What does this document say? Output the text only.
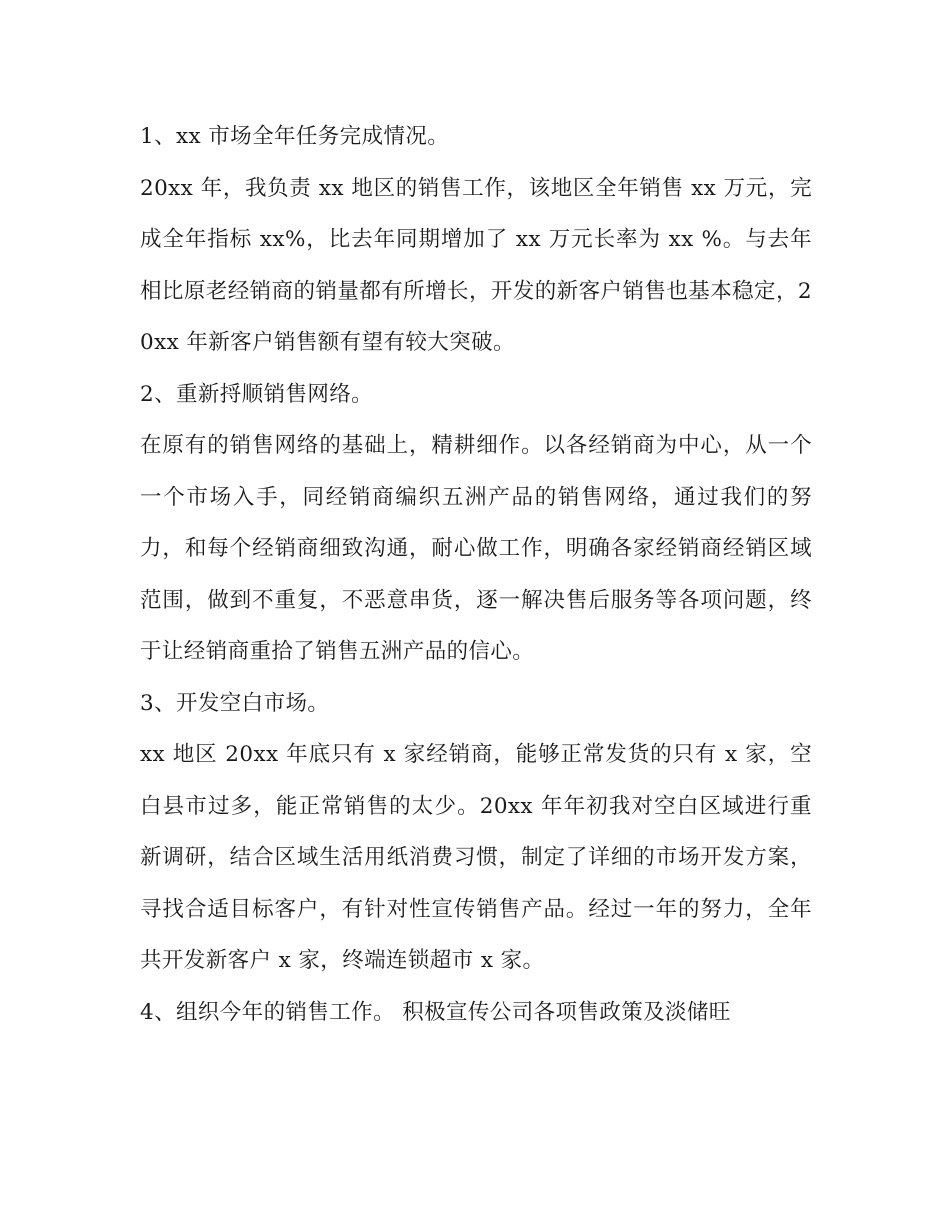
1、xx 市场全年任务完成情况。

20xx 年，我负责 xx 地区的销售工作，该地区全年销售 xx 万元，完成全年指标 xx%，比去年同期增加了 xx 万元长率为 xx %。与去年相比原老经销商的销量都有所增长，开发的新客户销售也基本稳定，20xx 年新客户销售额有望有较大突破。

2、重新捋顺销售网络。

在原有的销售网络的基础上，精耕细作。以各经销商为中心，从一个一个市场入手，同经销商编织五洲产品的销售网络，通过我们的努力，和每个经销商细致沟通，耐心做工作，明确各家经销商经销区域范围，做到不重复，不恶意串货，逐一解决售后服务等各项问题，终于让经销商重拾了销售五洲产品的信心。

3、开发空白市场。

xx 地区 20xx 年底只有 x 家经销商，能够正常发货的只有 x 家，空白县市过多，能正常销售的太少。20xx 年年初我对空白区域进行重新调研，结合区域生活用纸消费习惯，制定了详细的市场开发方案，寻找合适目标客户，有针对性宣传销售产品。经过一年的努力，全年共开发新客户 x 家，终端连锁超市 x 家。

4、组织今年的销售工作。 积极宣传公司各项售政策及淡储旺
